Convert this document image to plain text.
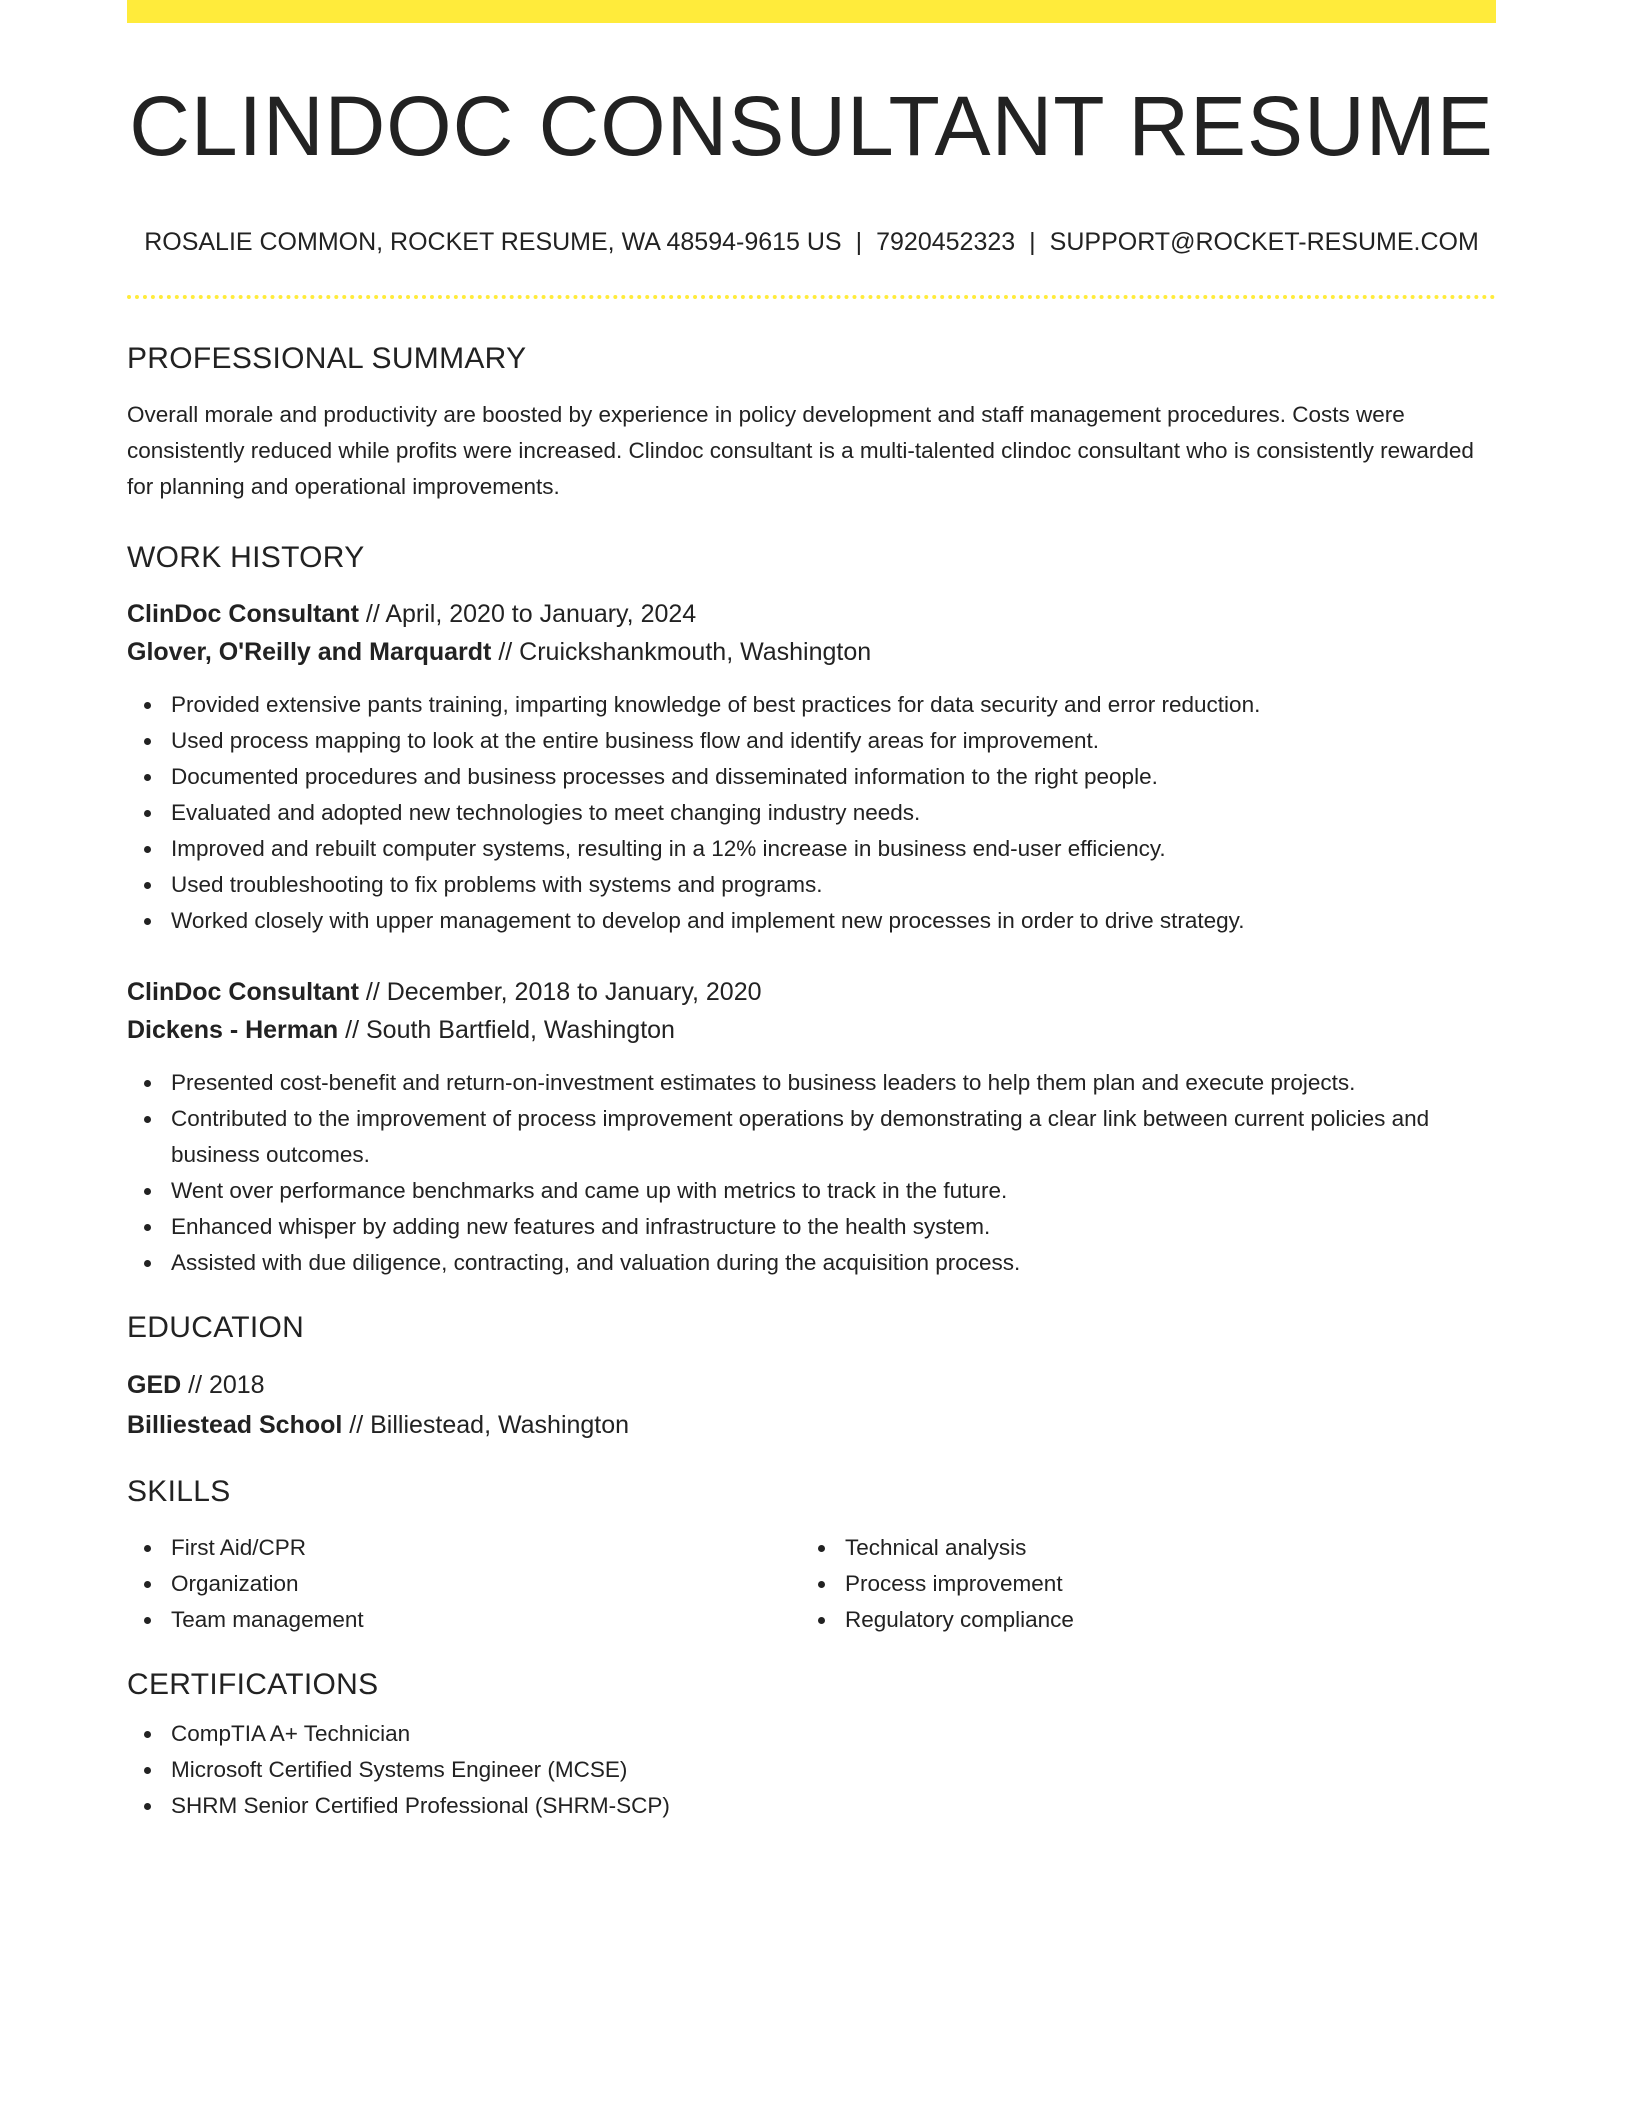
CLINDOC CONSULTANT RESUME
ROSALIE COMMON, ROCKET RESUME, WA 48594-9615 US | 7920452323 | SUPPORT@ROCKET-RESUME.COM
PROFESSIONAL SUMMARY

Overall morale and productivity are boosted by experience in policy development and staff management procedures. Costs were consistently reduced while profits were increased. Clindoc consultant is a multi-talented clindoc consultant who is consistently rewarded for planning and operational improvements.

WORK HISTORY
ClinDoc Consultant // April, 2020 to January, 2024
Glover, O'Reilly and Marquardt // Cruickshankmouth, Washington
Provided extensive pants training, imparting knowledge of best practices for data security and error reduction.
Used process mapping to look at the entire business flow and identify areas for improvement.
Documented procedures and business processes and disseminated information to the right people.
Evaluated and adopted new technologies to meet changing industry needs.
Improved and rebuilt computer systems, resulting in a 12% increase in business end-user efficiency.
Used troubleshooting to fix problems with systems and programs.
Worked closely with upper management to develop and implement new processes in order to drive strategy.
ClinDoc Consultant // December, 2018 to January, 2020
Dickens - Herman // South Bartfield, Washington
Presented cost-benefit and return-on-investment estimates to business leaders to help them plan and execute projects.
Contributed to the improvement of process improvement operations by demonstrating a clear link between current policies and business outcomes.
Went over performance benchmarks and came up with metrics to track in the future.
Enhanced whisper by adding new features and infrastructure to the health system.
Assisted with due diligence, contracting, and valuation during the acquisition process.
EDUCATION
GED // 2018
Billiestead School // Billiestead, Washington
SKILLS
First Aid/CPR
Organization
Team management
Technical analysis
Process improvement
Regulatory compliance
CERTIFICATIONS
CompTIA A+ Technician
Microsoft Certified Systems Engineer (MCSE)
SHRM Senior Certified Professional (SHRM-SCP)
